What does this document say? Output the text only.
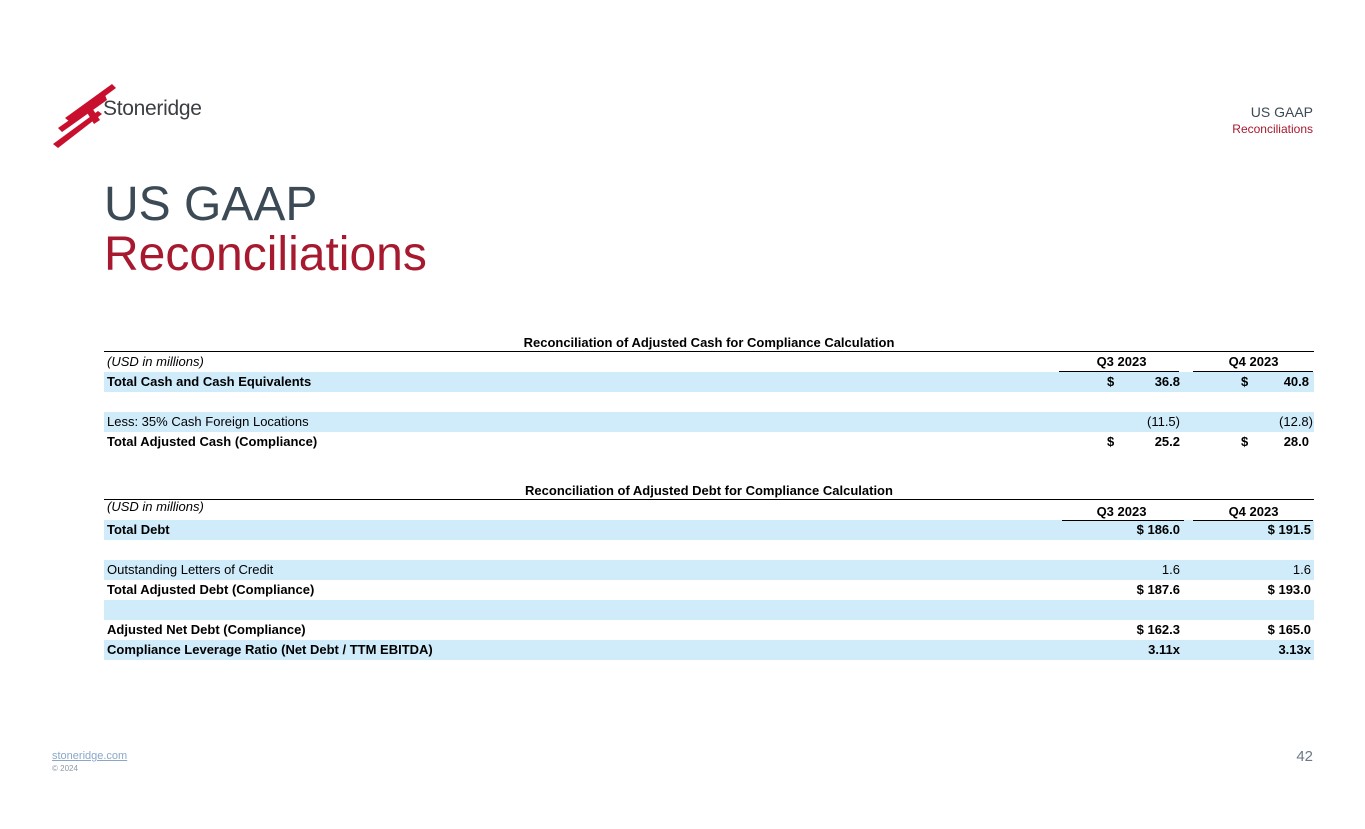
Stoneridge	US GAAP
Reconciliations
US GAAP
Reconciliations
Reconciliation of Adjusted Cash for Compliance Calculation
(USD in millions)	Q3 2023	Q4 2023
Total Cash and Cash Equivalents	$	36.8	$	40.8
Less: 35% Cash Foreign Locations	(11.5)	(12.8)
Total Adjusted Cash (Compliance)	$	25.2	$	28.0
Reconciliation of Adjusted Debt for Compliance Calculation
(USD in millions)	Q3 2023	Q4 2023
Total Debt	$ 186.0	$ 191.5
Outstanding Letters of Credit	1.6	1.6
Total Adjusted Debt (Compliance)	$ 187.6	$ 193.0
Adjusted Net Debt (Compliance)	$ 162.3	$ 165.0
Compliance Leverage Ratio (Net Debt / TTM EBITDA)	3.11x	3.13x
stoneridge.com
© 2024
42
